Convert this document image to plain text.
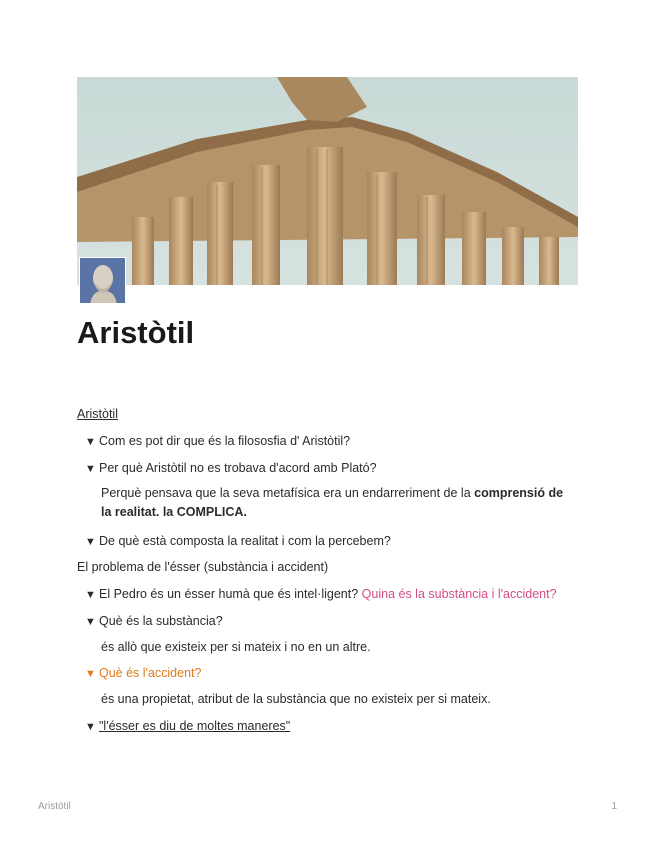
Aristòtil
Aristòtil
▼ Com es pot dir que és la filososfia d' Aristòtil?
▼ Per què Aristòtil no es trobava d'acord amb Plató?
Perquè pensava que la seva metafísica era un endarreriment de la comprensió de
la realitat. la COMPLICA.
▼ De què està composta la realitat i com la percebem?
El problema de l'ésser (substància i accident)
▼ El Pedro és un ésser humà que és intel·ligent? Quina és la substància i l'accident?
▼ Què és la substància?
és allò que existeix per si mateix i no en un altre.
▼ Què és l'accident?
és una propietat, atribut de la substància que no existeix per si mateix.
▼ "l'ésser es diu de moltes maneres"
Aristòtil	1
